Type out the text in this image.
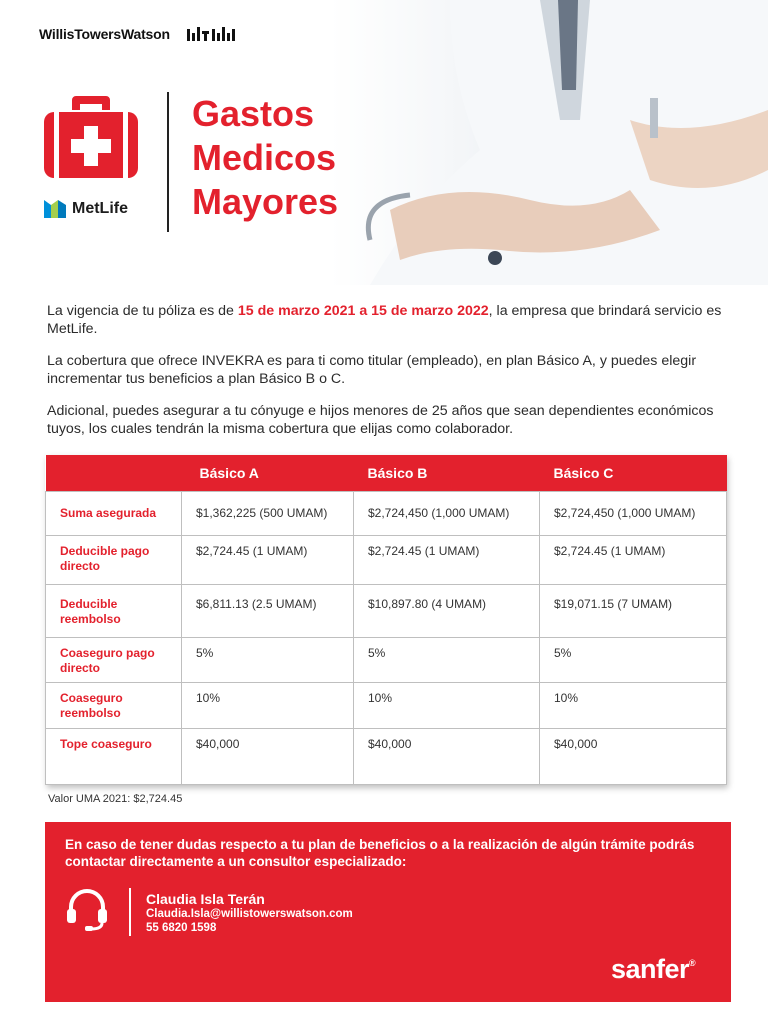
WillisTowersWatson
MetLife
Gastos
Medicos
Mayores

La vigencia de tu póliza es de 15 de marzo 2021 a 15 de marzo 2022, la empresa que brindará servicio es MetLife.

La cobertura que ofrece INVEKRA es para ti como titular (empleado), en plan Básico A, y puedes elegir incrementar tus beneficios a plan Básico B o C.

Adicional, puedes asegurar a tu cónyuge e hijos menores de 25 años que sean dependientes económicos tuyos, los cuales tendrán la misma cobertura que elijas como colaborador.

	Básico A	Básico B	Básico C
Suma asegurada	$1,362,225 (500 UMAM)	$2,724,450 (1,000 UMAM)	$2,724,450 (1,000 UMAM)
Deducible pago directo	$2,724.45 (1 UMAM)	$2,724.45 (1 UMAM)	$2,724.45 (1 UMAM)
Deducible reembolso	$6,811.13 (2.5 UMAM)	$10,897.80 (4 UMAM)	$19,071.15 (7 UMAM)
Coaseguro pago directo	5%	5%	5%
Coaseguro reembolso	10%	10%	10%
Tope coaseguro	$40,000	$40,000	$40,000
Valor UMA 2021: $2,724.45
En caso de tener dudas respecto a tu plan de beneficios o a la realización de algún trámite podrás contactar directamente a un consultor especializado:
Claudia Isla Terán
Claudia.Isla@willistowerswatson.com
55 6820 1598
sanfer®
